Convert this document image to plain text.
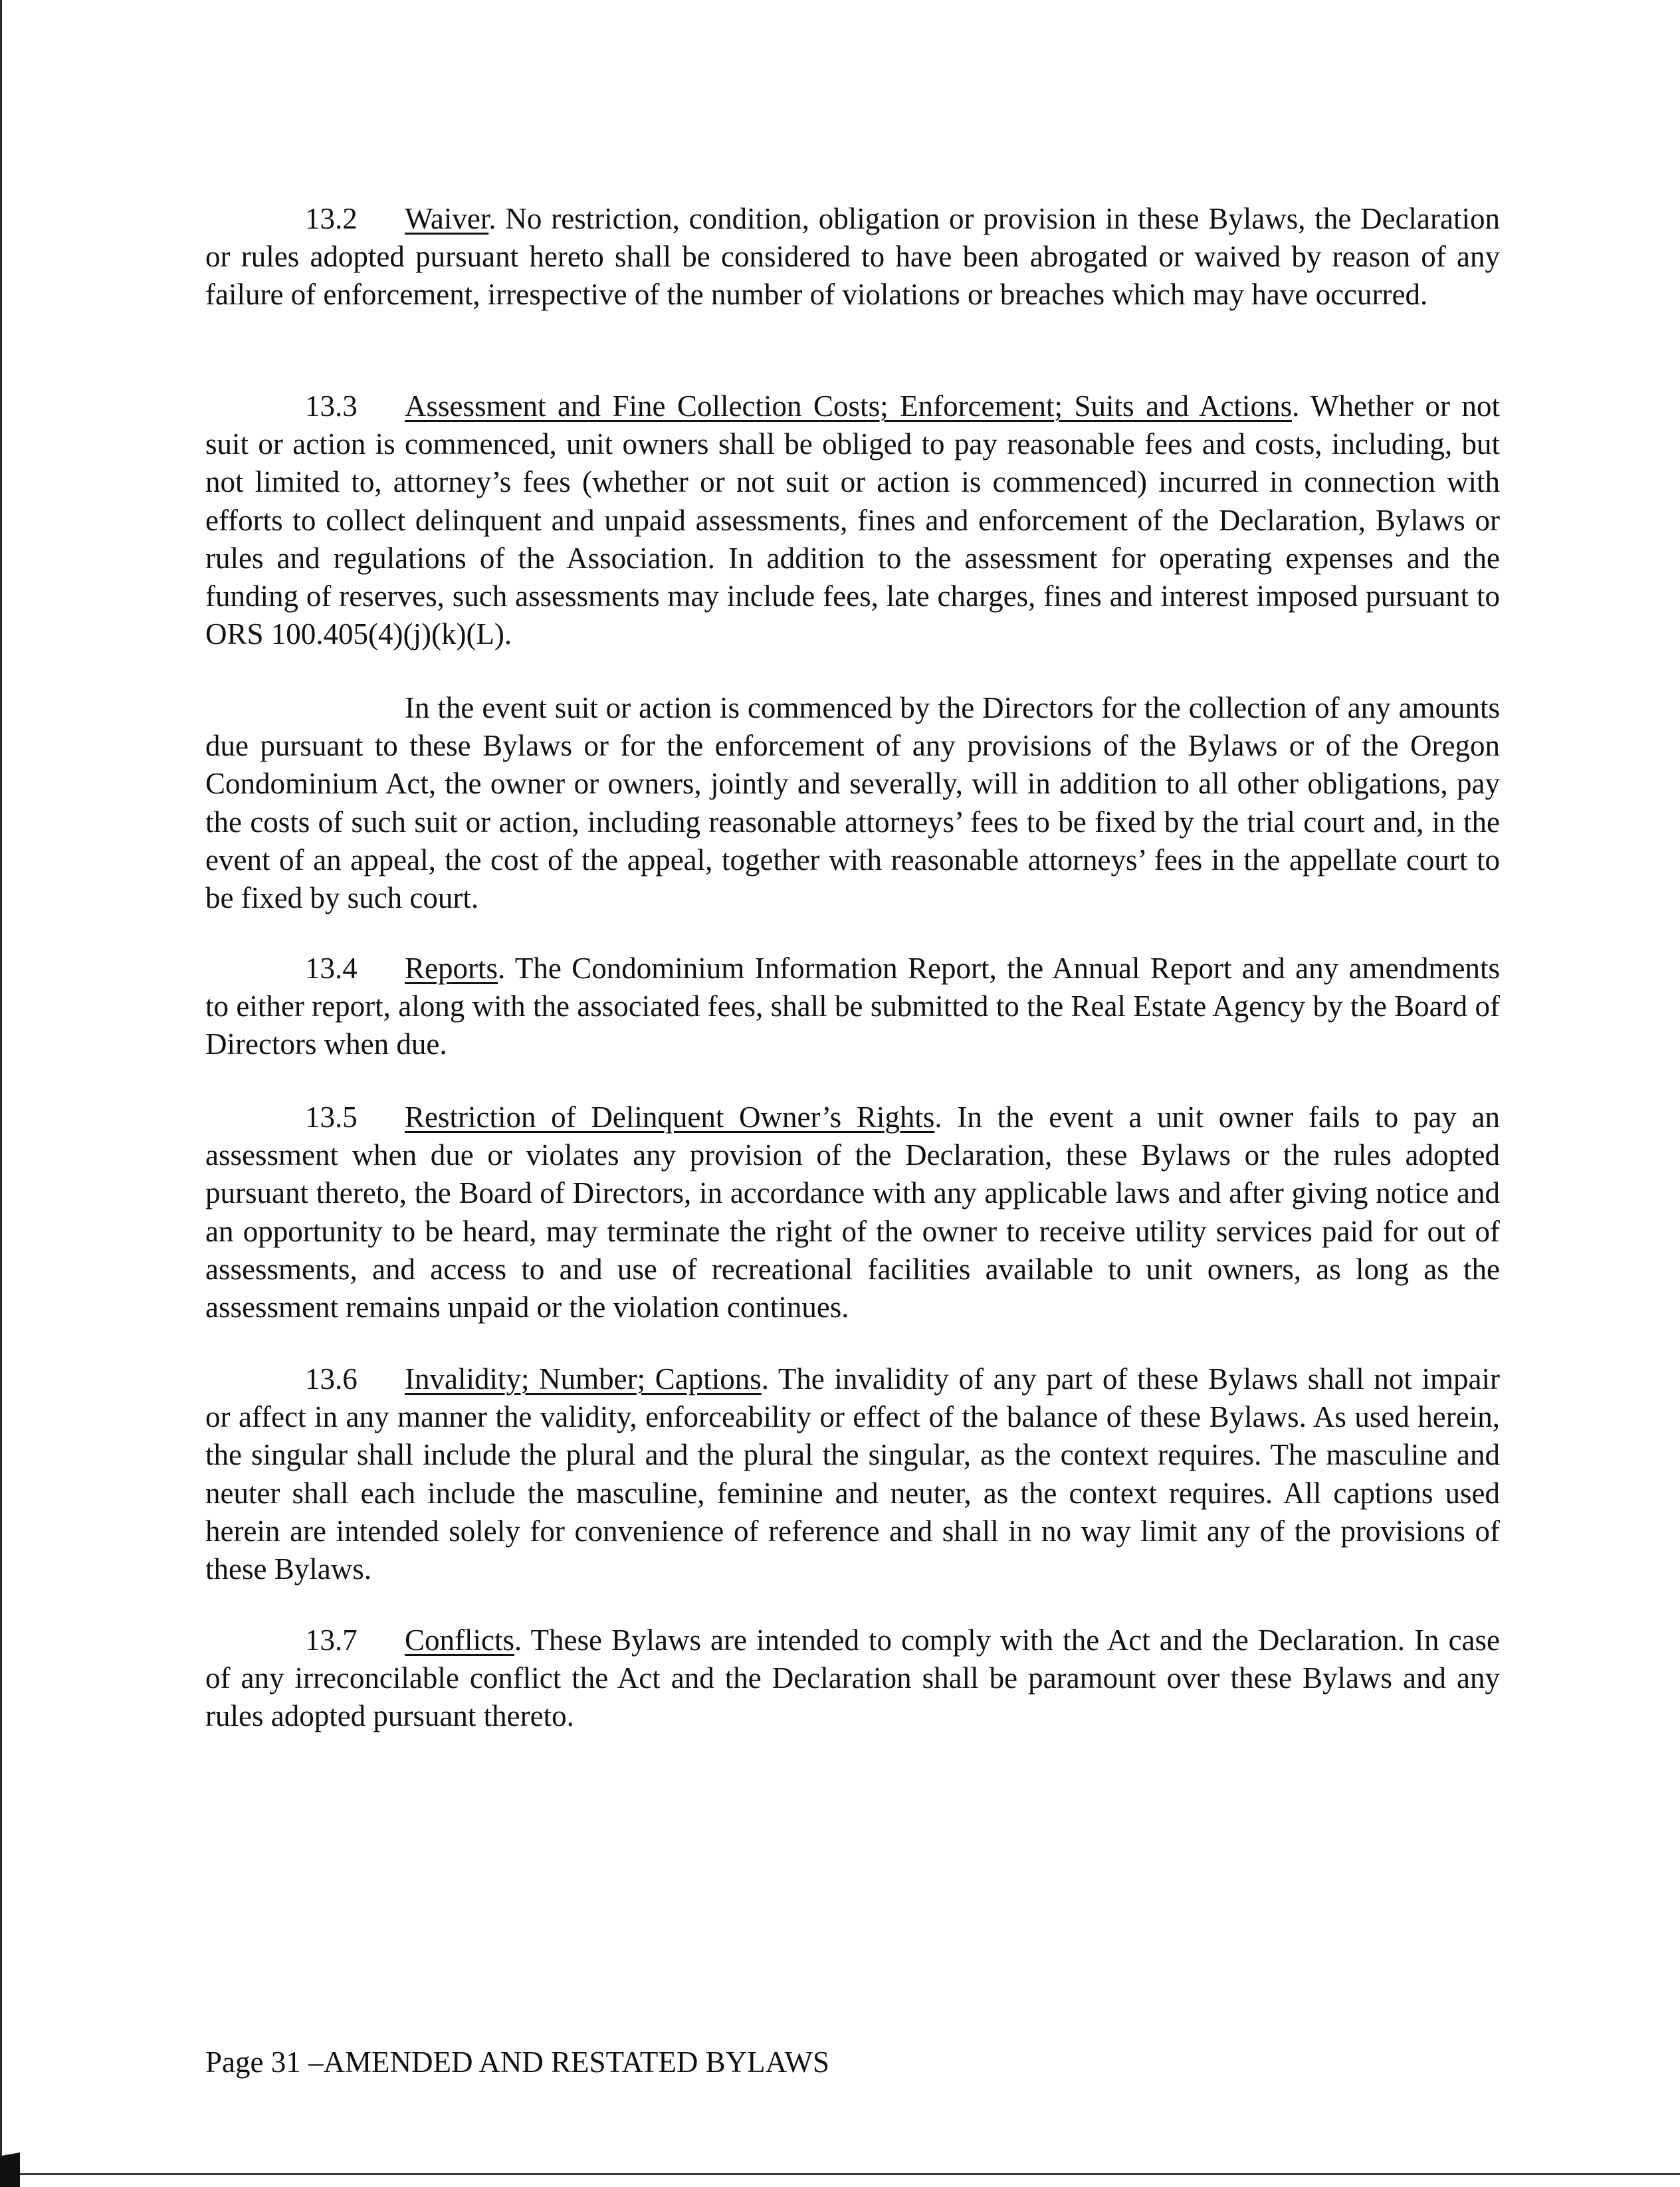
13.2 Waiver. No restriction, condition, obligation or provision in these Bylaws, the Declaration or rules adopted pursuant hereto shall be considered to have been abrogated or waived by reason of any failure of enforcement, irrespective of the number of violations or breaches which may have occurred.

13.3 Assessment and Fine Collection Costs; Enforcement; Suits and Actions. Whether or not suit or action is commenced, unit owners shall be obliged to pay reasonable fees and costs, including, but not limited to, attorney’s fees (whether or not suit or action is commenced) incurred in connection with efforts to collect delinquent and unpaid assessments, fines and enforcement of the Declaration, Bylaws or rules and regulations of the Association. In addition to the assessment for operating expenses and the funding of reserves, such assessments may include fees, late charges, fines and interest imposed pursuant to ORS 100.405(4)(j)(k)(L).

In the event suit or action is commenced by the Directors for the collection of any amounts due pursuant to these Bylaws or for the enforcement of any provisions of the Bylaws or of the Oregon Condominium Act, the owner or owners, jointly and severally, will in addition to all other obligations, pay the costs of such suit or action, including reasonable attorneys’ fees to be fixed by the trial court and, in the event of an appeal, the cost of the appeal, together with reasonable attorneys’ fees in the appellate court to be fixed by such court.

13.4 Reports. The Condominium Information Report, the Annual Report and any amendments to either report, along with the associated fees, shall be submitted to the Real Estate Agency by the Board of Directors when due.

13.5 Restriction of Delinquent Owner’s Rights. In the event a unit owner fails to pay an assessment when due or violates any provision of the Declaration, these Bylaws or the rules adopted pursuant thereto, the Board of Directors, in accordance with any applicable laws and after giving notice and an opportunity to be heard, may terminate the right of the owner to receive utility services paid for out of assessments, and access to and use of recreational facilities available to unit owners, as long as the assessment remains unpaid or the violation continues.

13.6 Invalidity; Number; Captions. The invalidity of any part of these Bylaws shall not impair or affect in any manner the validity, enforceability or effect of the balance of these Bylaws. As used herein, the singular shall include the plural and the plural the singular, as the context requires. The masculine and neuter shall each include the masculine, feminine and neuter, as the context requires. All captions used herein are intended solely for convenience of reference and shall in no way limit any of the provisions of these Bylaws.

13.7 Conflicts. These Bylaws are intended to comply with the Act and the Declaration. In case of any irreconcilable conflict the Act and the Declaration shall be paramount over these Bylaws and any rules adopted pursuant thereto.

Page 31 –AMENDED AND RESTATED BYLAWS
